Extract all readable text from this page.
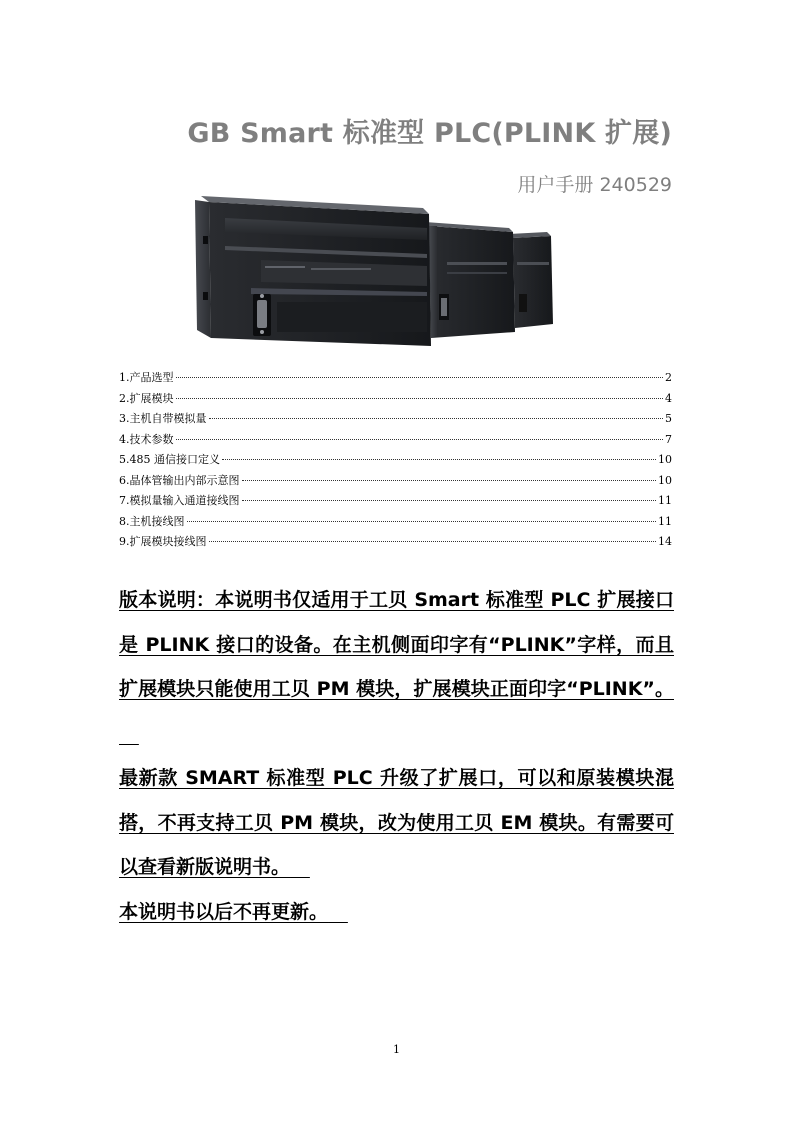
GB Smart 标准型 PLC(PLINK 扩展)
用户手册 240529
1.产品选型	2
2.扩展模块	4
3.主机自带模拟量	5
4.技术参数	7
5.485 通信接口定义	10
6.晶体管输出内部示意图	10
7.模拟量输入通道接线图	11
8.主机接线图	11
9.扩展模块接线图	14

版本说明：本说明书仅适用于工贝 Smart 标准型 PLC 扩展接口是 PLINK 接口的设备。在主机侧面印字有“PLINK”字样，而且扩展模块只能使用工贝 PM 模块，扩展模块正面印字“PLINK”。

最新款 SMART 标准型 PLC 升级了扩展口，可以和原装模块混搭，不再支持工贝 PM 模块，改为使用工贝 EM 模块。有需要可以查看新版说明书。

本说明书以后不再更新。

1
